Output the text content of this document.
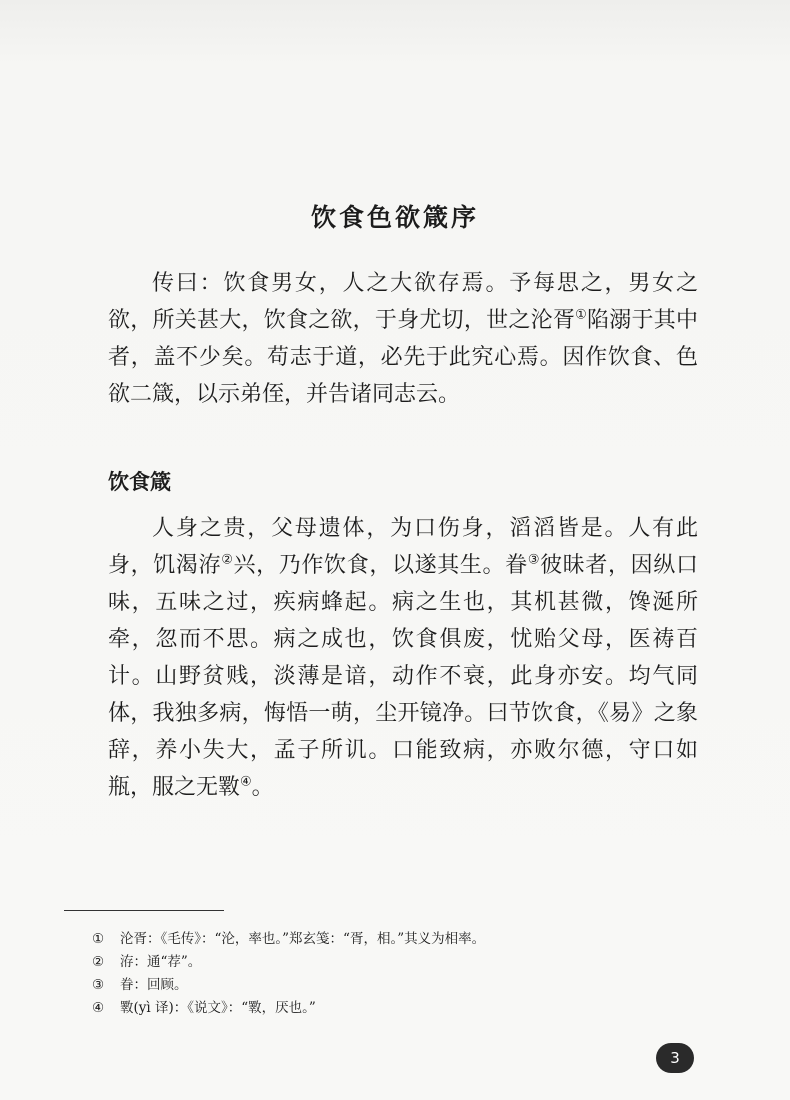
饮食色欲箴序
传曰：饮食男女，人之大欲存焉。予每思之，男女之欲，所关甚大，饮食之欲，于身尤切，世之沦胥①陷溺于其中者，盖不少矣。苟志于道，必先于此究心焉。因作饮食、色欲二箴，以示弟侄，并告诸同志云。
饮食箴
人身之贵，父母遗体，为口伤身，滔滔皆是。人有此身，饥渴洊②兴，乃作饮食，以遂其生。眷③彼昧者，因纵口味，五味之过，疾病蜂起。病之生也，其机甚微，馋涎所牵，忽而不思。病之成也，饮食俱废，忧贻父母，医祷百计。山野贫贱，淡薄是谙，动作不衰，此身亦安。均气同体，我独多病，悔悟一萌，尘开镜净。曰节饮食，《易》之象辞，养小失大，孟子所讥。口能致病，亦败尔德，守口如瓶，服之无斁④。
①	沦胥：《毛传》：“沦，率也。”郑玄笺：“胥，相。”其义为相率。
②	洊：通“荐”。
③	眷：回顾。
④	斁(yì 译)：《说文》：“斁，厌也。”
3
